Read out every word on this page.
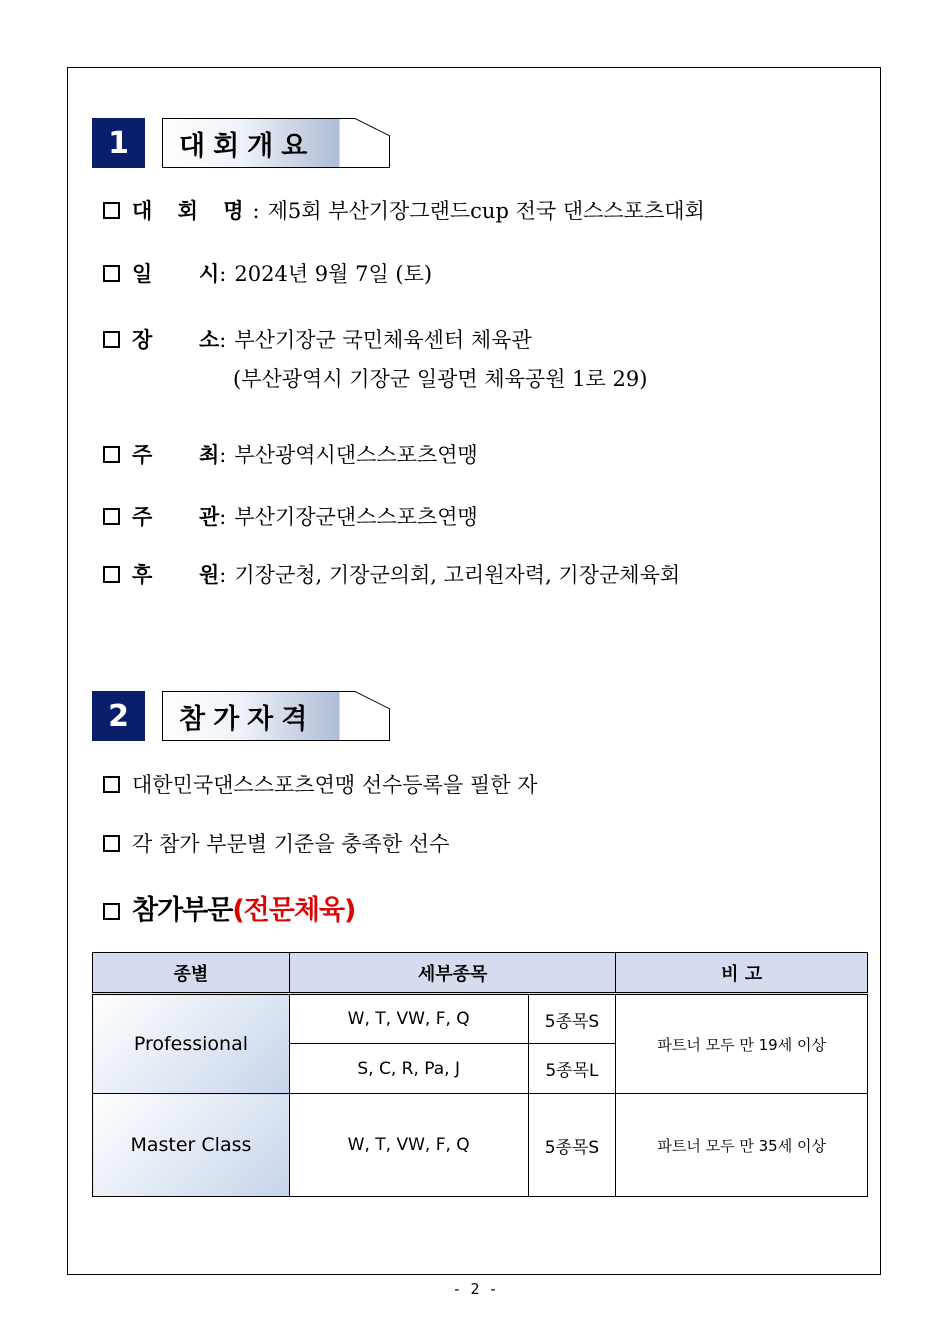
1	대회개요
대 회 명: 제5회 부산기장그랜드cup 전국 댄스스포츠대회
일 시: 2024년 9월 7일 (토)
장 소: 부산기장군 국민체육센터 체육관
(부산광역시 기장군 일광면 체육공원 1로 29)
주 최: 부산광역시댄스스포츠연맹
주 관: 부산기장군댄스스포츠연맹
후 원: 기장군청, 기장군의회, 고리원자력, 기장군체육회
2	참가자격
대한민국댄스스포츠연맹 선수등록을 필한 자
각 참가 부문별 기준을 충족한 선수
참가부문(전문체육)
종별	세부종목		비 고
Professional	W, T, VW, F, Q	5종목S	파트너 모두 만 19세 이상
	S, C, R, Pa, J	5종목L	
Master Class	W, T, VW, F, Q	5종목S	파트너 모두 만 35세 이상
- 2 -
